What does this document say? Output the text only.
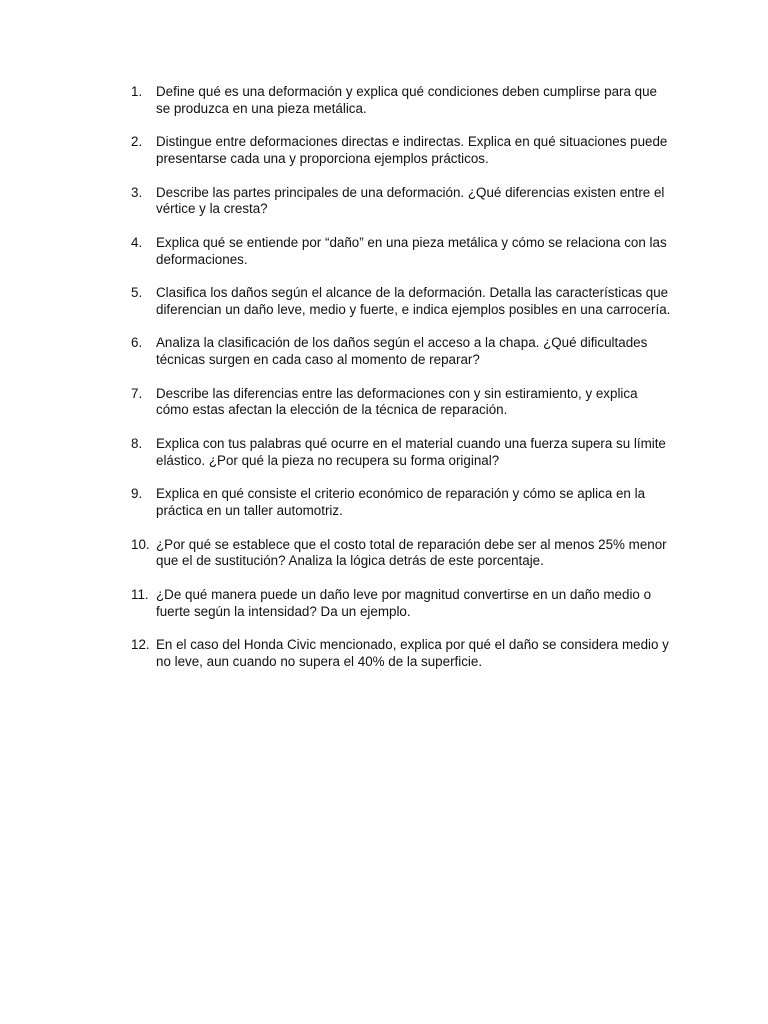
1. Define qué es una deformación y explica qué condiciones deben cumplirse para que se produzca en una pieza metálica.
2. Distingue entre deformaciones directas e indirectas. Explica en qué situaciones puede presentarse cada una y proporciona ejemplos prácticos.
3. Describe las partes principales de una deformación. ¿Qué diferencias existen entre el vértice y la cresta?
4. Explica qué se entiende por “daño” en una pieza metálica y cómo se relaciona con las deformaciones.
5. Clasifica los daños según el alcance de la deformación. Detalla las características que diferencian un daño leve, medio y fuerte, e indica ejemplos posibles en una carrocería.
6. Analiza la clasificación de los daños según el acceso a la chapa. ¿Qué dificultades técnicas surgen en cada caso al momento de reparar?
7. Describe las diferencias entre las deformaciones con y sin estiramiento, y explica cómo estas afectan la elección de la técnica de reparación.
8. Explica con tus palabras qué ocurre en el material cuando una fuerza supera su límite elástico. ¿Por qué la pieza no recupera su forma original?
9. Explica en qué consiste el criterio económico de reparación y cómo se aplica en la práctica en un taller automotriz.
10. ¿Por qué se establece que el costo total de reparación debe ser al menos 25% menor que el de sustitución? Analiza la lógica detrás de este porcentaje.
11. ¿De qué manera puede un daño leve por magnitud convertirse en un daño medio o fuerte según la intensidad? Da un ejemplo.
12. En el caso del Honda Civic mencionado, explica por qué el daño se considera medio y no leve, aun cuando no supera el 40% de la superficie.
